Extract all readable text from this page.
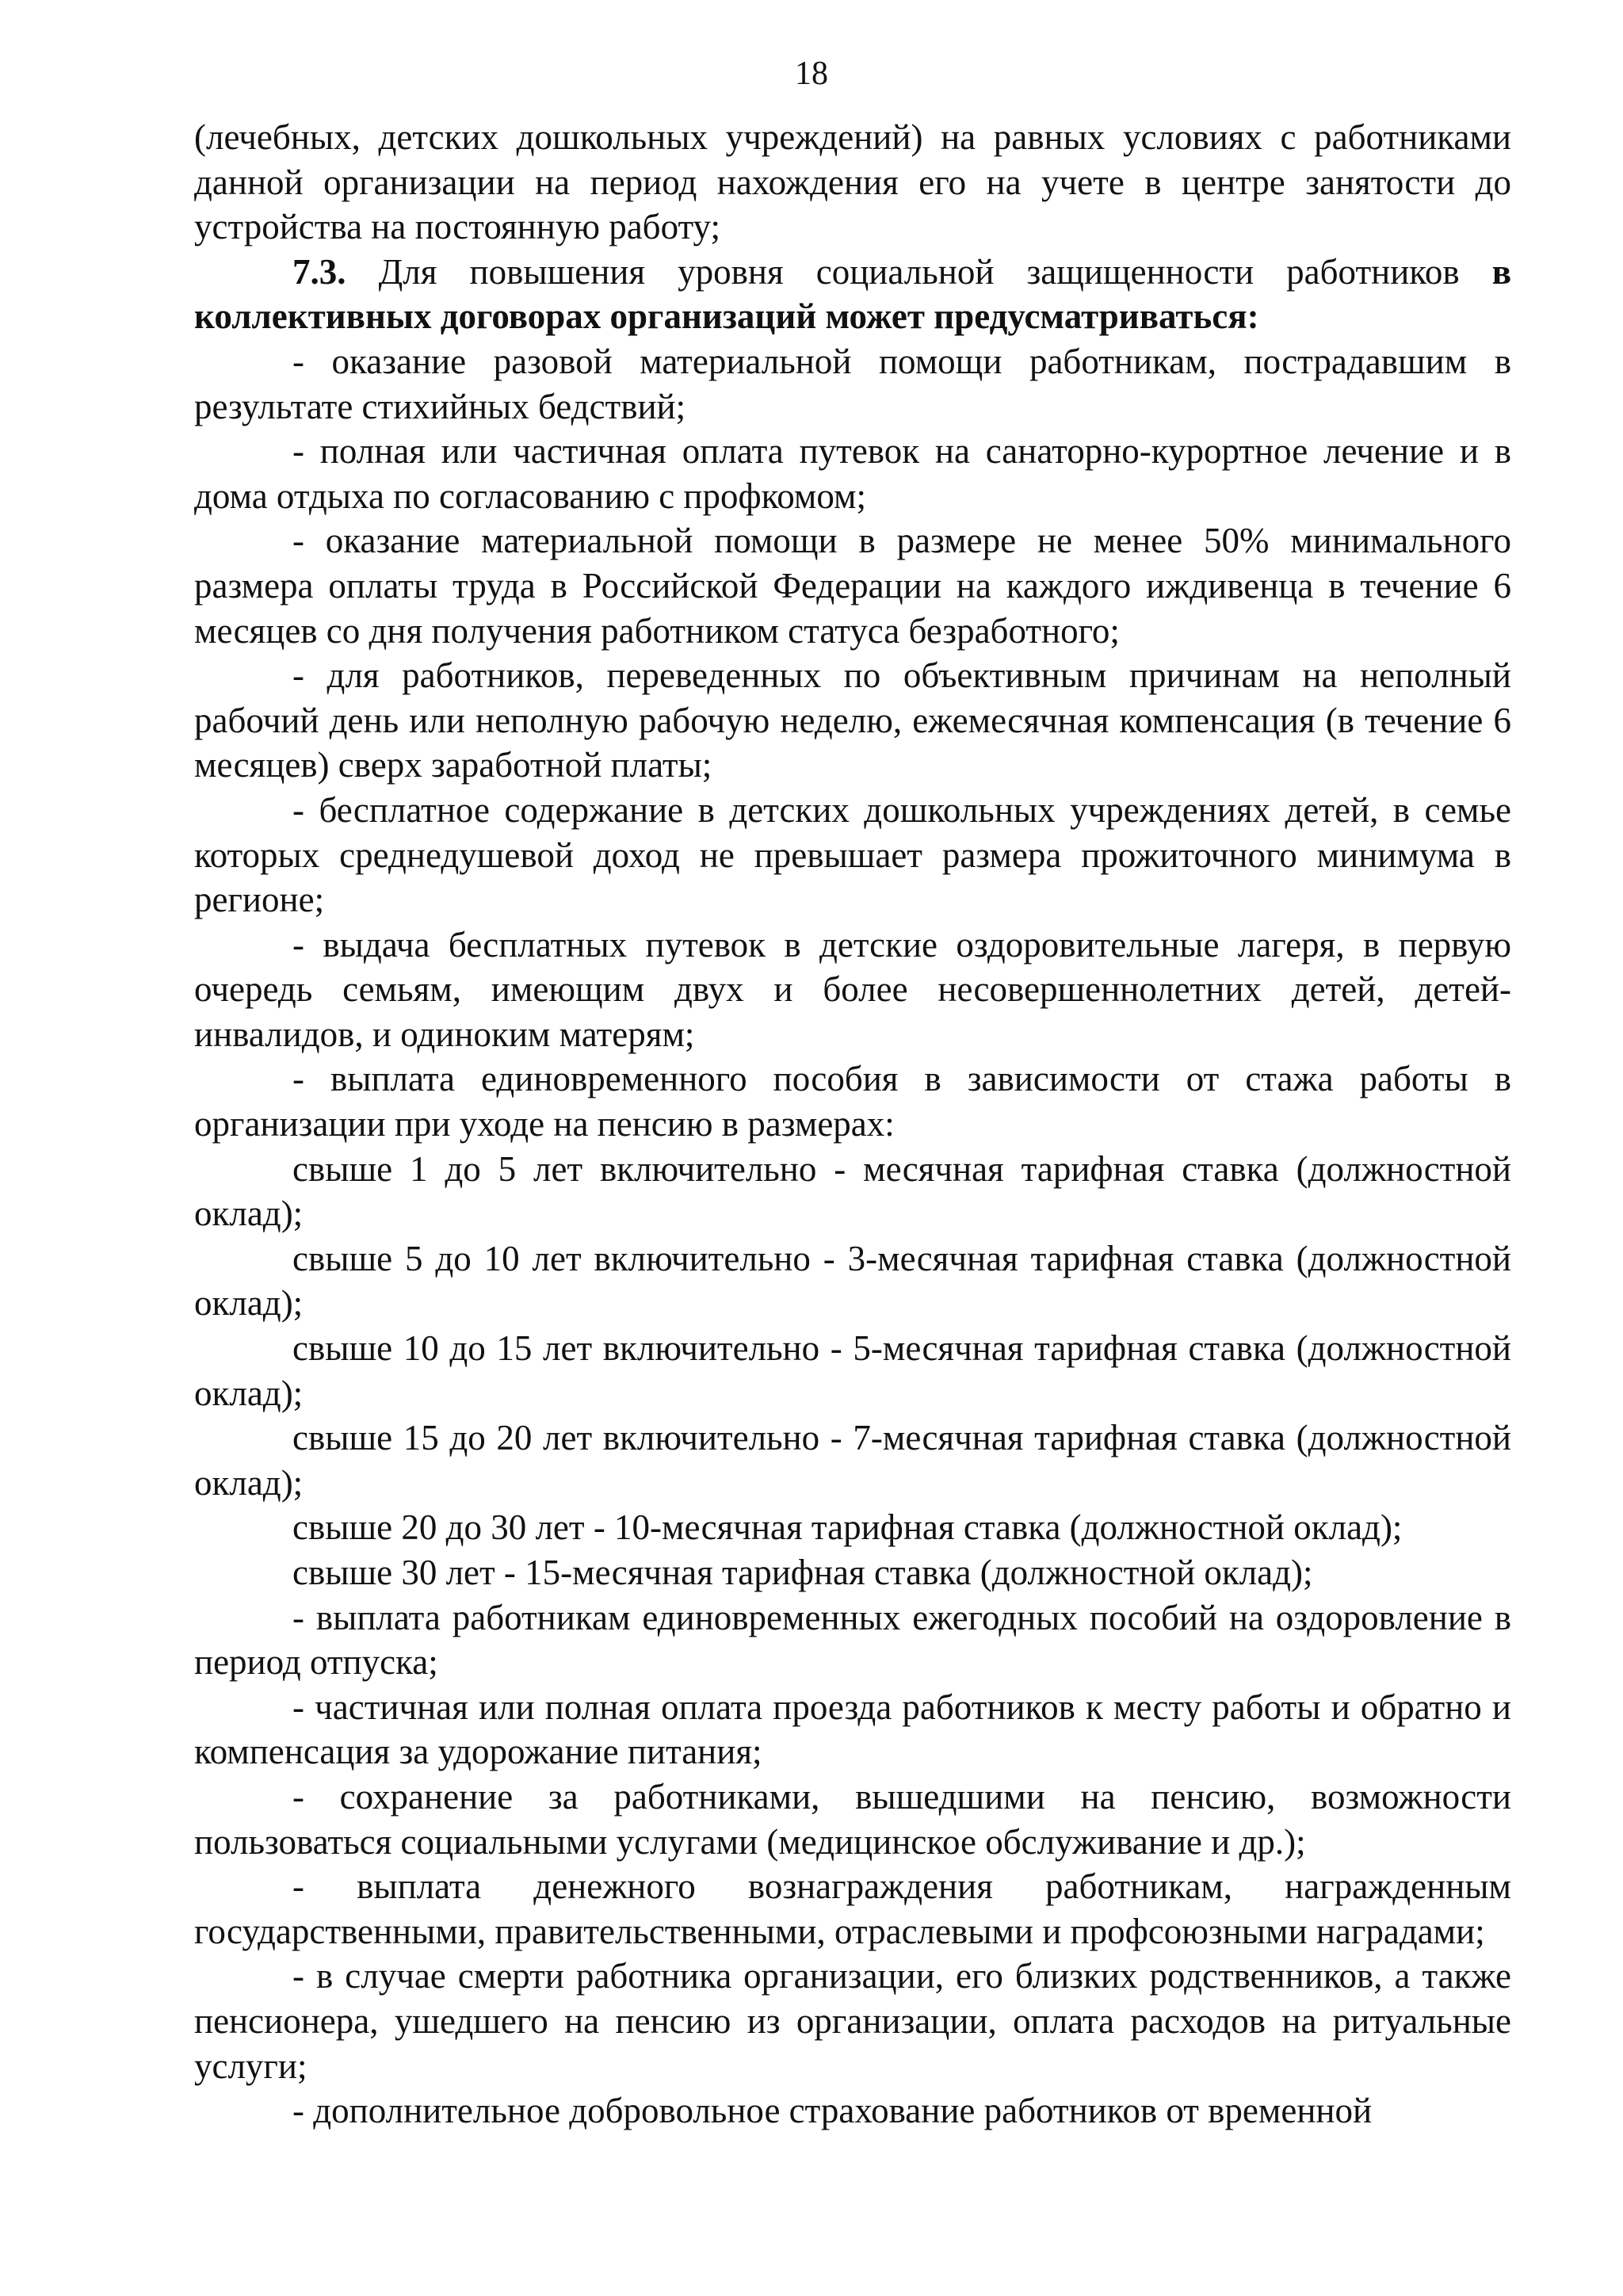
18

(лечебных, детских дошкольных учреждений) на равных условиях с работниками данной организации на период нахождения его на учете в центре занятости до устройства на постоянную работу;

7.3. Для повышения уровня социальной защищенности работников в коллективных договорах организаций может предусматриваться:

- оказание разовой материальной помощи работникам, пострадавшим в результате стихийных бедствий;

- полная или частичная оплата путевок на санаторно-курортное лечение и в дома отдыха по согласованию с профкомом;

- оказание материальной помощи в размере не менее 50% минимального размера оплаты труда в Российской Федерации на каждого иждивенца в течение 6 месяцев со дня получения работником статуса безработного;

- для работников, переведенных по объективным причинам на неполный рабочий день или неполную рабочую неделю, ежемесячная компенсация (в течение 6 месяцев) сверх заработной платы;

- бесплатное содержание в детских дошкольных учреждениях детей, в семье которых среднедушевой доход не превышает размера прожиточного минимума в регионе;

- выдача бесплатных путевок в детские оздоровительные лагеря, в первую очередь семьям, имеющим двух и более несовершеннолетних детей, детей-инвалидов, и одиноким матерям;

- выплата единовременного пособия в зависимости от стажа работы в организации при уходе на пенсию в размерах:

свыше 1 до 5 лет включительно - месячная тарифная ставка (должностной оклад);

свыше 5 до 10 лет включительно - 3-месячная тарифная ставка (должностной оклад);

свыше 10 до 15 лет включительно - 5-месячная тарифная ставка (должностной оклад);

свыше 15 до 20 лет включительно - 7-месячная тарифная ставка (должностной оклад);

свыше 20 до 30 лет - 10-месячная тарифная ставка (должностной оклад);

свыше 30 лет - 15-месячная тарифная ставка (должностной оклад);

- выплата работникам единовременных ежегодных пособий на оздоровление в период отпуска;

- частичная или полная оплата проезда работников к месту работы и обратно и компенсация за удорожание питания;

- сохранение за работниками, вышедшими на пенсию, возможности пользоваться социальными услугами (медицинское обслуживание и др.);

- выплата денежного вознаграждения работникам, награжденным государственными, правительственными, отраслевыми и профсоюзными наградами;

- в случае смерти работника организации, его близких родственников, а также пенсионера, ушедшего на пенсию из организации, оплата расходов на ритуальные услуги;

- дополнительное добровольное страхование работников от временной
